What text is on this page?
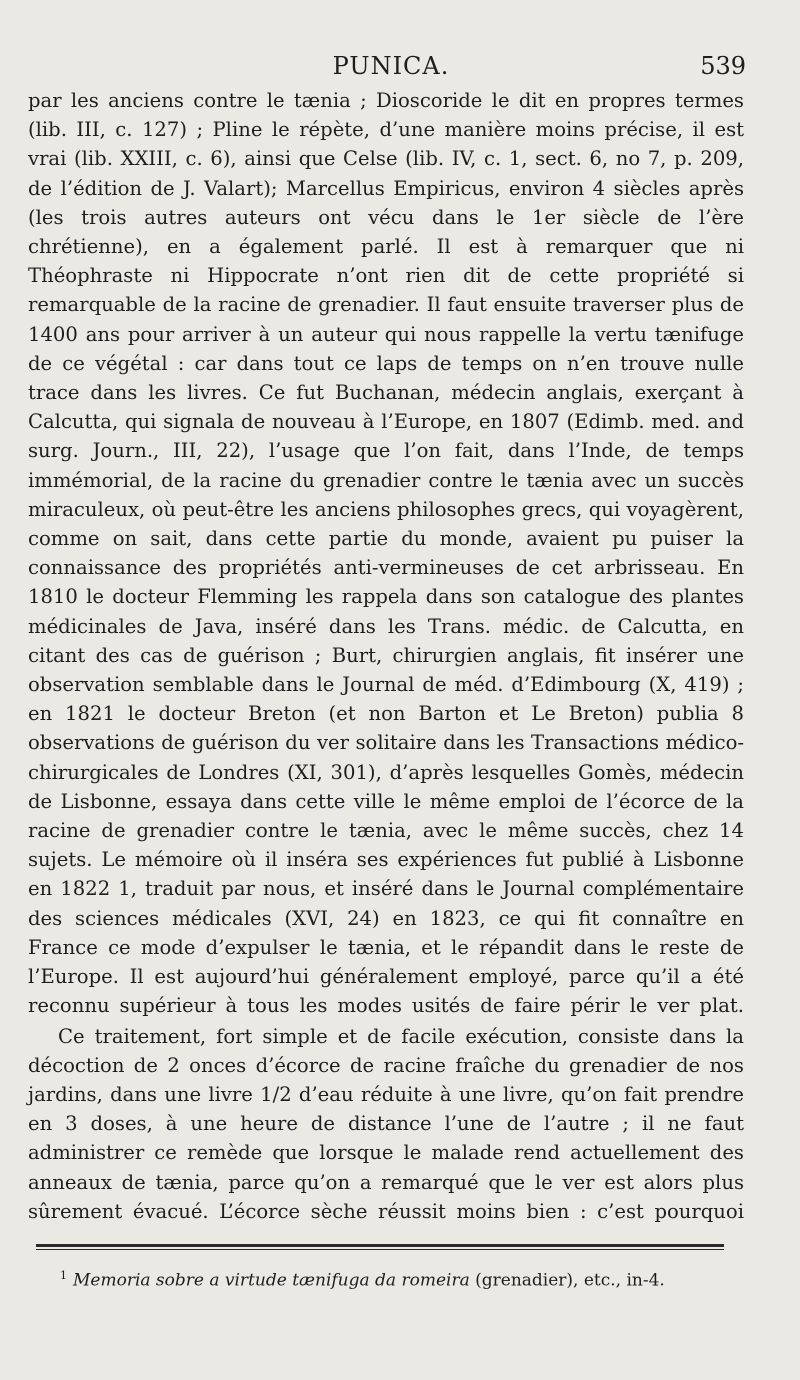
PUNICA.	539

par les anciens contre le tænia ; Dioscoride le dit en propres termes (lib. III, c. 127) ; Pline le répète, d’une manière moins précise, il est vrai (lib. XXIII, c. 6), ainsi que Celse (lib. IV, c. 1, sect. 6, no 7, p. 209, de l’édition de J. Valart); Marcellus Empiricus, environ 4 siècles après (les trois autres auteurs ont vécu dans le 1er siècle de l’ère chrétienne), en a également parlé. Il est à remarquer que ni Théophraste ni Hippocrate n’ont rien dit de cette propriété si remarquable de la racine de grenadier. Il faut ensuite traverser plus de 1400 ans pour arriver à un auteur qui nous rappelle la vertu tænifuge de ce végétal : car dans tout ce laps de temps on n’en trouve nulle trace dans les livres. Ce fut Buchanan, médecin anglais, exerçant à Calcutta, qui signala de nouveau à l’Europe, en 1807 (Edimb. med. and surg. Journ., III, 22), l’usage que l’on fait, dans l’Inde, de temps immémorial, de la racine du grenadier contre le tænia avec un succès miraculeux, où peut-être les anciens philosophes grecs, qui voyagèrent, comme on sait, dans cette partie du monde, avaient pu puiser la connaissance des propriétés anti-vermineuses de cet arbrisseau. En 1810 le docteur Flemming les rappela dans son catalogue des plantes médicinales de Java, inséré dans les Trans. médic. de Calcutta, en citant des cas de guérison ; Burt, chirurgien anglais, fit insérer une observation semblable dans le Journal de méd. d’Edimbourg (X, 419) ; en 1821 le docteur Breton (et non Barton et Le Breton) publia 8 observations de guérison du ver solitaire dans les Transactions médico-chirurgicales de Londres (XI, 301), d’après lesquelles Gomès, médecin de Lisbonne, essaya dans cette ville le même emploi de l’écorce de la racine de grenadier contre le tænia, avec le même succès, chez 14 sujets. Le mémoire où il inséra ses expériences fut publié à Lisbonne en 1822 1, traduit par nous, et inséré dans le Journal complémentaire des sciences médicales (XVI, 24) en 1823, ce qui fit connaître en France ce mode d’expulser le tænia, et le répandit dans le reste de l’Europe. Il est aujourd’hui généralement employé, parce qu’il a été reconnu supérieur à tous les modes usités de faire périr le ver plat.

Ce traitement, fort simple et de facile exécution, consiste dans la décoction de 2 onces d’écorce de racine fraîche du grenadier de nos jardins, dans une livre 1/2 d’eau réduite à une livre, qu’on fait prendre en 3 doses, à une heure de distance l’une de l’autre ; il ne faut administrer ce remède que lorsque le malade rend actuellement des anneaux de tænia, parce qu’on a remarqué que le ver est alors plus sûrement évacué. L’écorce sèche réussit moins bien : c’est pourquoi

$^1$ Memoria sobre a virtude tænifuga da romeira (grenadier), etc., in-4.
